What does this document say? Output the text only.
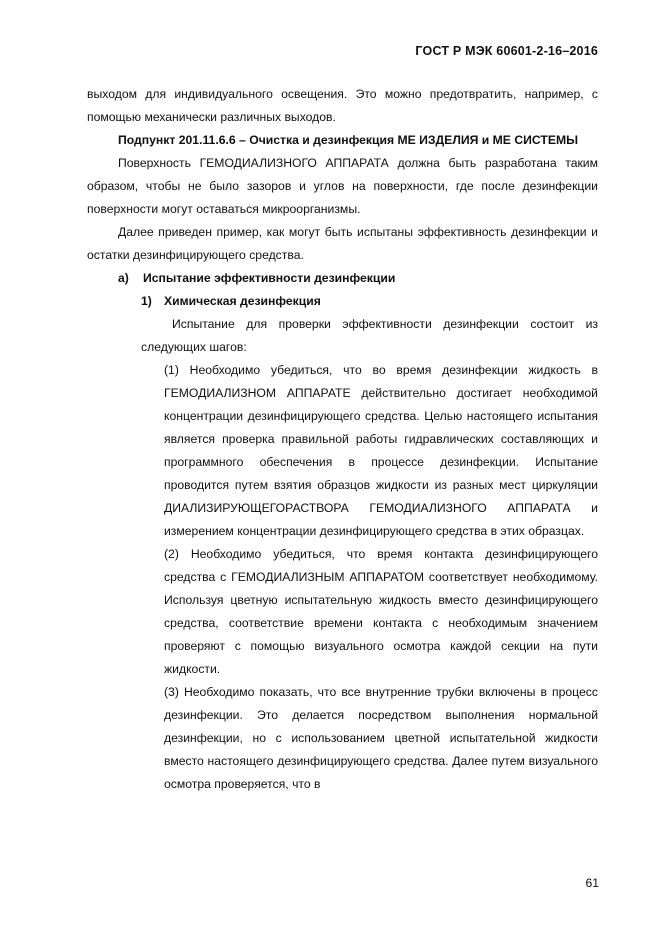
ГОСТ Р МЭК 60601-2-16–2016

выходом для индивидуального освещения. Это можно предотвратить, например, с помощью механически различных выходов.

Подпункт 201.11.6.6 – Очистка и дезинфекция МЕ ИЗДЕЛИЯ и МЕ СИСТЕМЫ

Поверхность ГЕМОДИАЛИЗНОГО АППАРАТА должна быть разработана таким образом, чтобы не было зазоров и углов на поверхности, где после дезинфекции поверхности могут оставаться микроорганизмы.

Далее приведен пример, как могут быть испытаны эффективность дезинфекции и остатки дезинфицирующего средства.

а)	Испытание эффективности дезинфекции
1) Химическая дезинфекция

Испытание для проверки эффективности дезинфекции состоит из следующих шагов:

(1) Необходимо убедиться, что во время дезинфекции жидкость в ГЕМОДИАЛИЗНОМ АППАРАТЕ действительно достигает необходимой концентрации дезинфицирующего средства. Целью настоящего испытания является проверка правильной работы гидравлических составляющих и программного обеспечения в процессе дезинфекции. Испытание проводится путем взятия образцов жидкости из разных мест циркуляции ДИАЛИЗИРУЮЩЕГОРАСТВОРА ГЕМОДИАЛИЗНОГО АППАРАТА и измерением концентрации дезинфицирующего средства в этих образцах.

(2) Необходимо убедиться, что время контакта дезинфицирующего средства с ГЕМОДИАЛИЗНЫМ АППАРАТОМ соответствует необходимому. Используя цветную испытательную жидкость вместо дезинфицирующего средства, соответствие времени контакта с необходимым значением проверяют с помощью визуального осмотра каждой секции на пути жидкости.

(3) Необходимо показать, что все внутренние трубки включены в процесс дезинфекции. Это делается посредством выполнения нормальной дезинфекции, но с использованием цветной испытательной жидкости вместо настоящего дезинфицирующего средства. Далее путем визуального осмотра проверяется, что в

61
